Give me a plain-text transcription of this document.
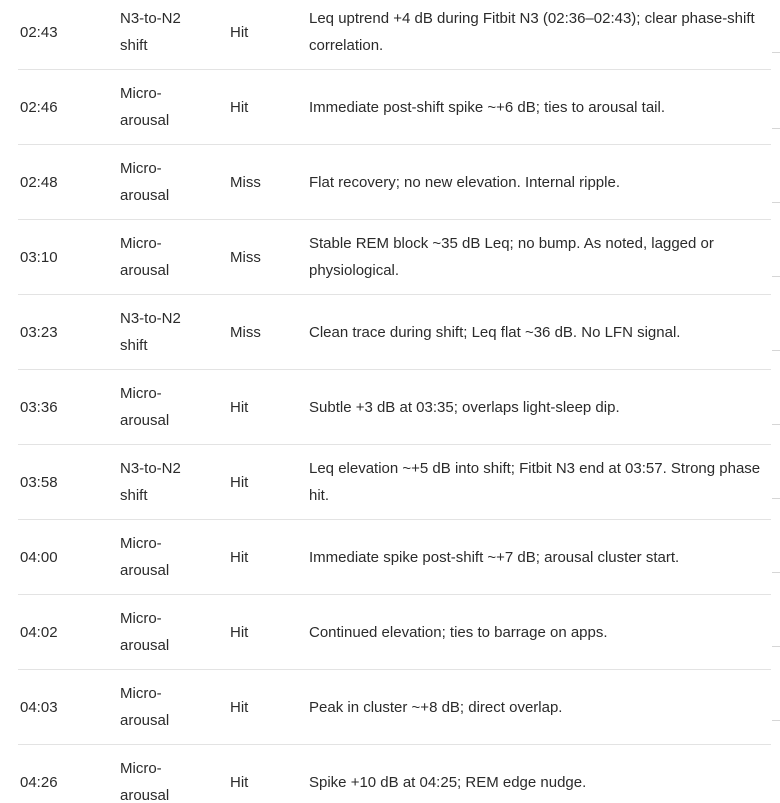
02:43
N3-to-N2 shift
Hit
Leq uptrend +4 dB during Fitbit N3 (02:36–02:43); clear phase-shift correlation.
02:46
Micro-arousal
Hit	Immediate post-shift spike ~+6 dB; ties to arousal tail.
02:48
Micro-arousal
Miss	Flat recovery; no new elevation. Internal ripple.
03:10
Micro-arousal
Miss
Stable REM block ~35 dB Leq; no bump. As noted, lagged or physiological.
03:23
N3-to-N2 shift
Miss	Clean trace during shift; Leq flat ~36 dB. No LFN signal.
03:36
Micro-arousal
Hit	Subtle +3 dB at 03:35; overlaps light-sleep dip.
03:58
N3-to-N2 shift
Hit
Leq elevation ~+5 dB into shift; Fitbit N3 end at 03:57. Strong phase hit.
04:00
Micro-arousal
Hit	Immediate spike post-shift ~+7 dB; arousal cluster start.
04:02
Micro-arousal
Hit	Continued elevation; ties to barrage on apps.
04:03
Micro-arousal
Hit	Peak in cluster ~+8 dB; direct overlap.
04:26
Micro-arousal
Hit	Spike +10 dB at 04:25; REM edge nudge.
